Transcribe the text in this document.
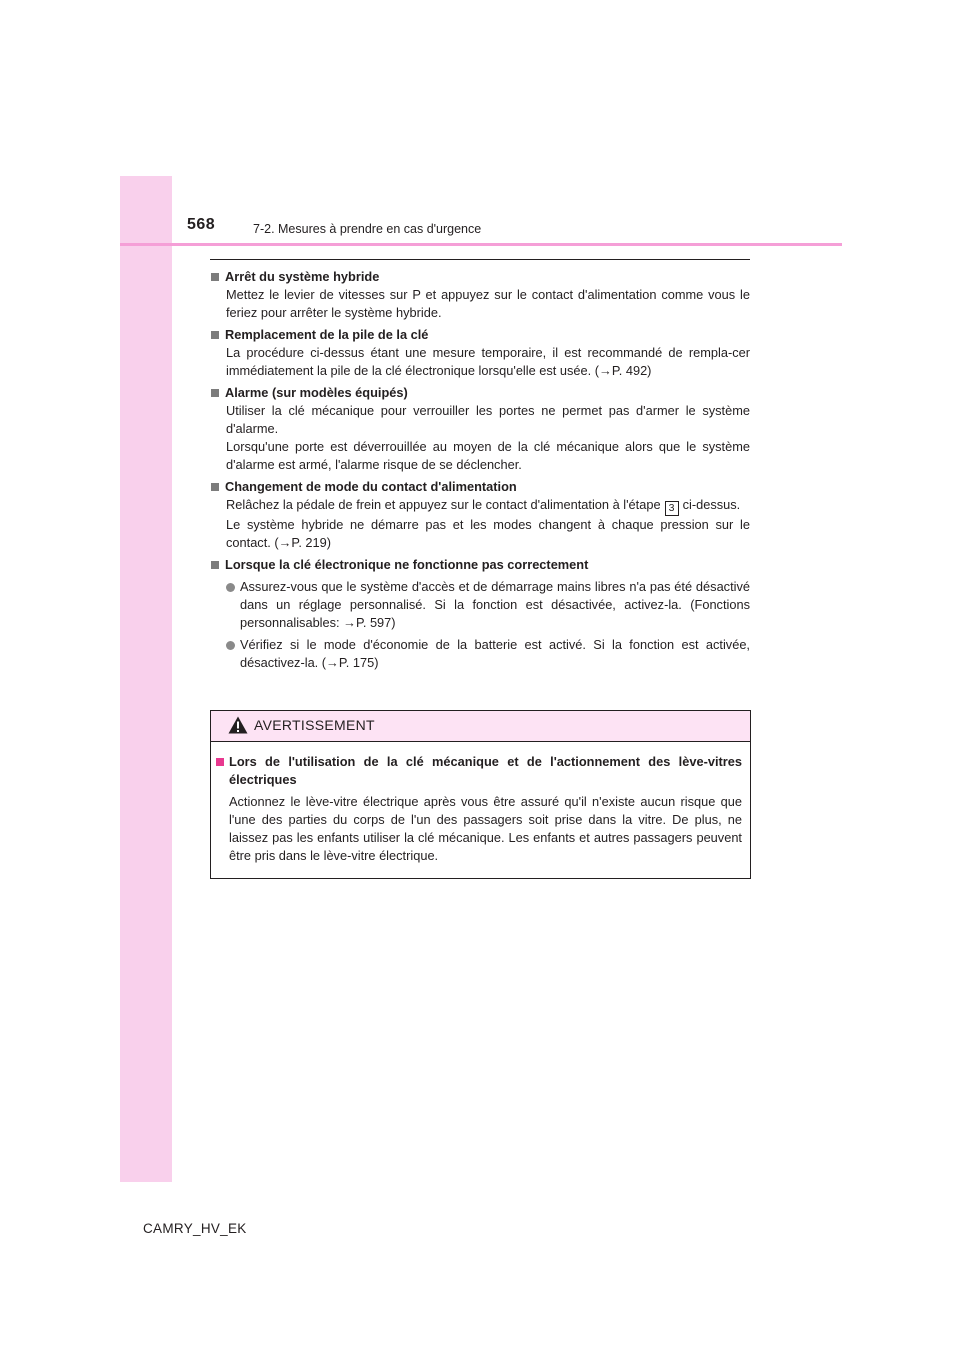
568	7-2. Mesures à prendre en cas d'urgence
Arrêt du système hybride

Mettez le levier de vitesses sur P et appuyez sur le contact d'alimentation comme vous le feriez pour arrêter le système hybride.

Remplacement de la pile de la clé

La procédure ci-dessus étant une mesure temporaire, il est recommandé de rempla-cer immédiatement la pile de la clé électronique lorsqu'elle est usée. (→P. 492)

Alarme (sur modèles équipés)

Utiliser la clé mécanique pour verrouiller les portes ne permet pas d'armer le système d'alarme.

Lorsqu'une porte est déverrouillée au moyen de la clé mécanique alors que le système d'alarme est armé, l'alarme risque de se déclencher.

Changement de mode du contact d'alimentation

Relâchez la pédale de frein et appuyez sur le contact d'alimentation à l'étape 3 ci-dessus.

Le système hybride ne démarre pas et les modes changent à chaque pression sur le contact. (→P. 219)

Lorsque la clé électronique ne fonctionne pas correctement
Assurez-vous que le système d'accès et de démarrage mains libres n'a pas été désactivé dans un réglage personnalisé. Si la fonction est désactivée, activez-la. (Fonctions personnalisables: →P. 597)
Vérifiez si le mode d'économie de la batterie est activé. Si la fonction est activée, désactivez-la. (→P. 175)
AVERTISSEMENT
Lors de l'utilisation de la clé mécanique et de l'actionnement des lève-vitres électriques
Actionnez le lève-vitre électrique après vous être assuré qu'il n'existe aucun risque que l'une des parties du corps de l'un des passagers soit prise dans la vitre. De plus, ne laissez pas les enfants utiliser la clé mécanique. Les enfants et autres passagers peuvent être pris dans le lève-vitre électrique.
CAMRY_HV_EK
